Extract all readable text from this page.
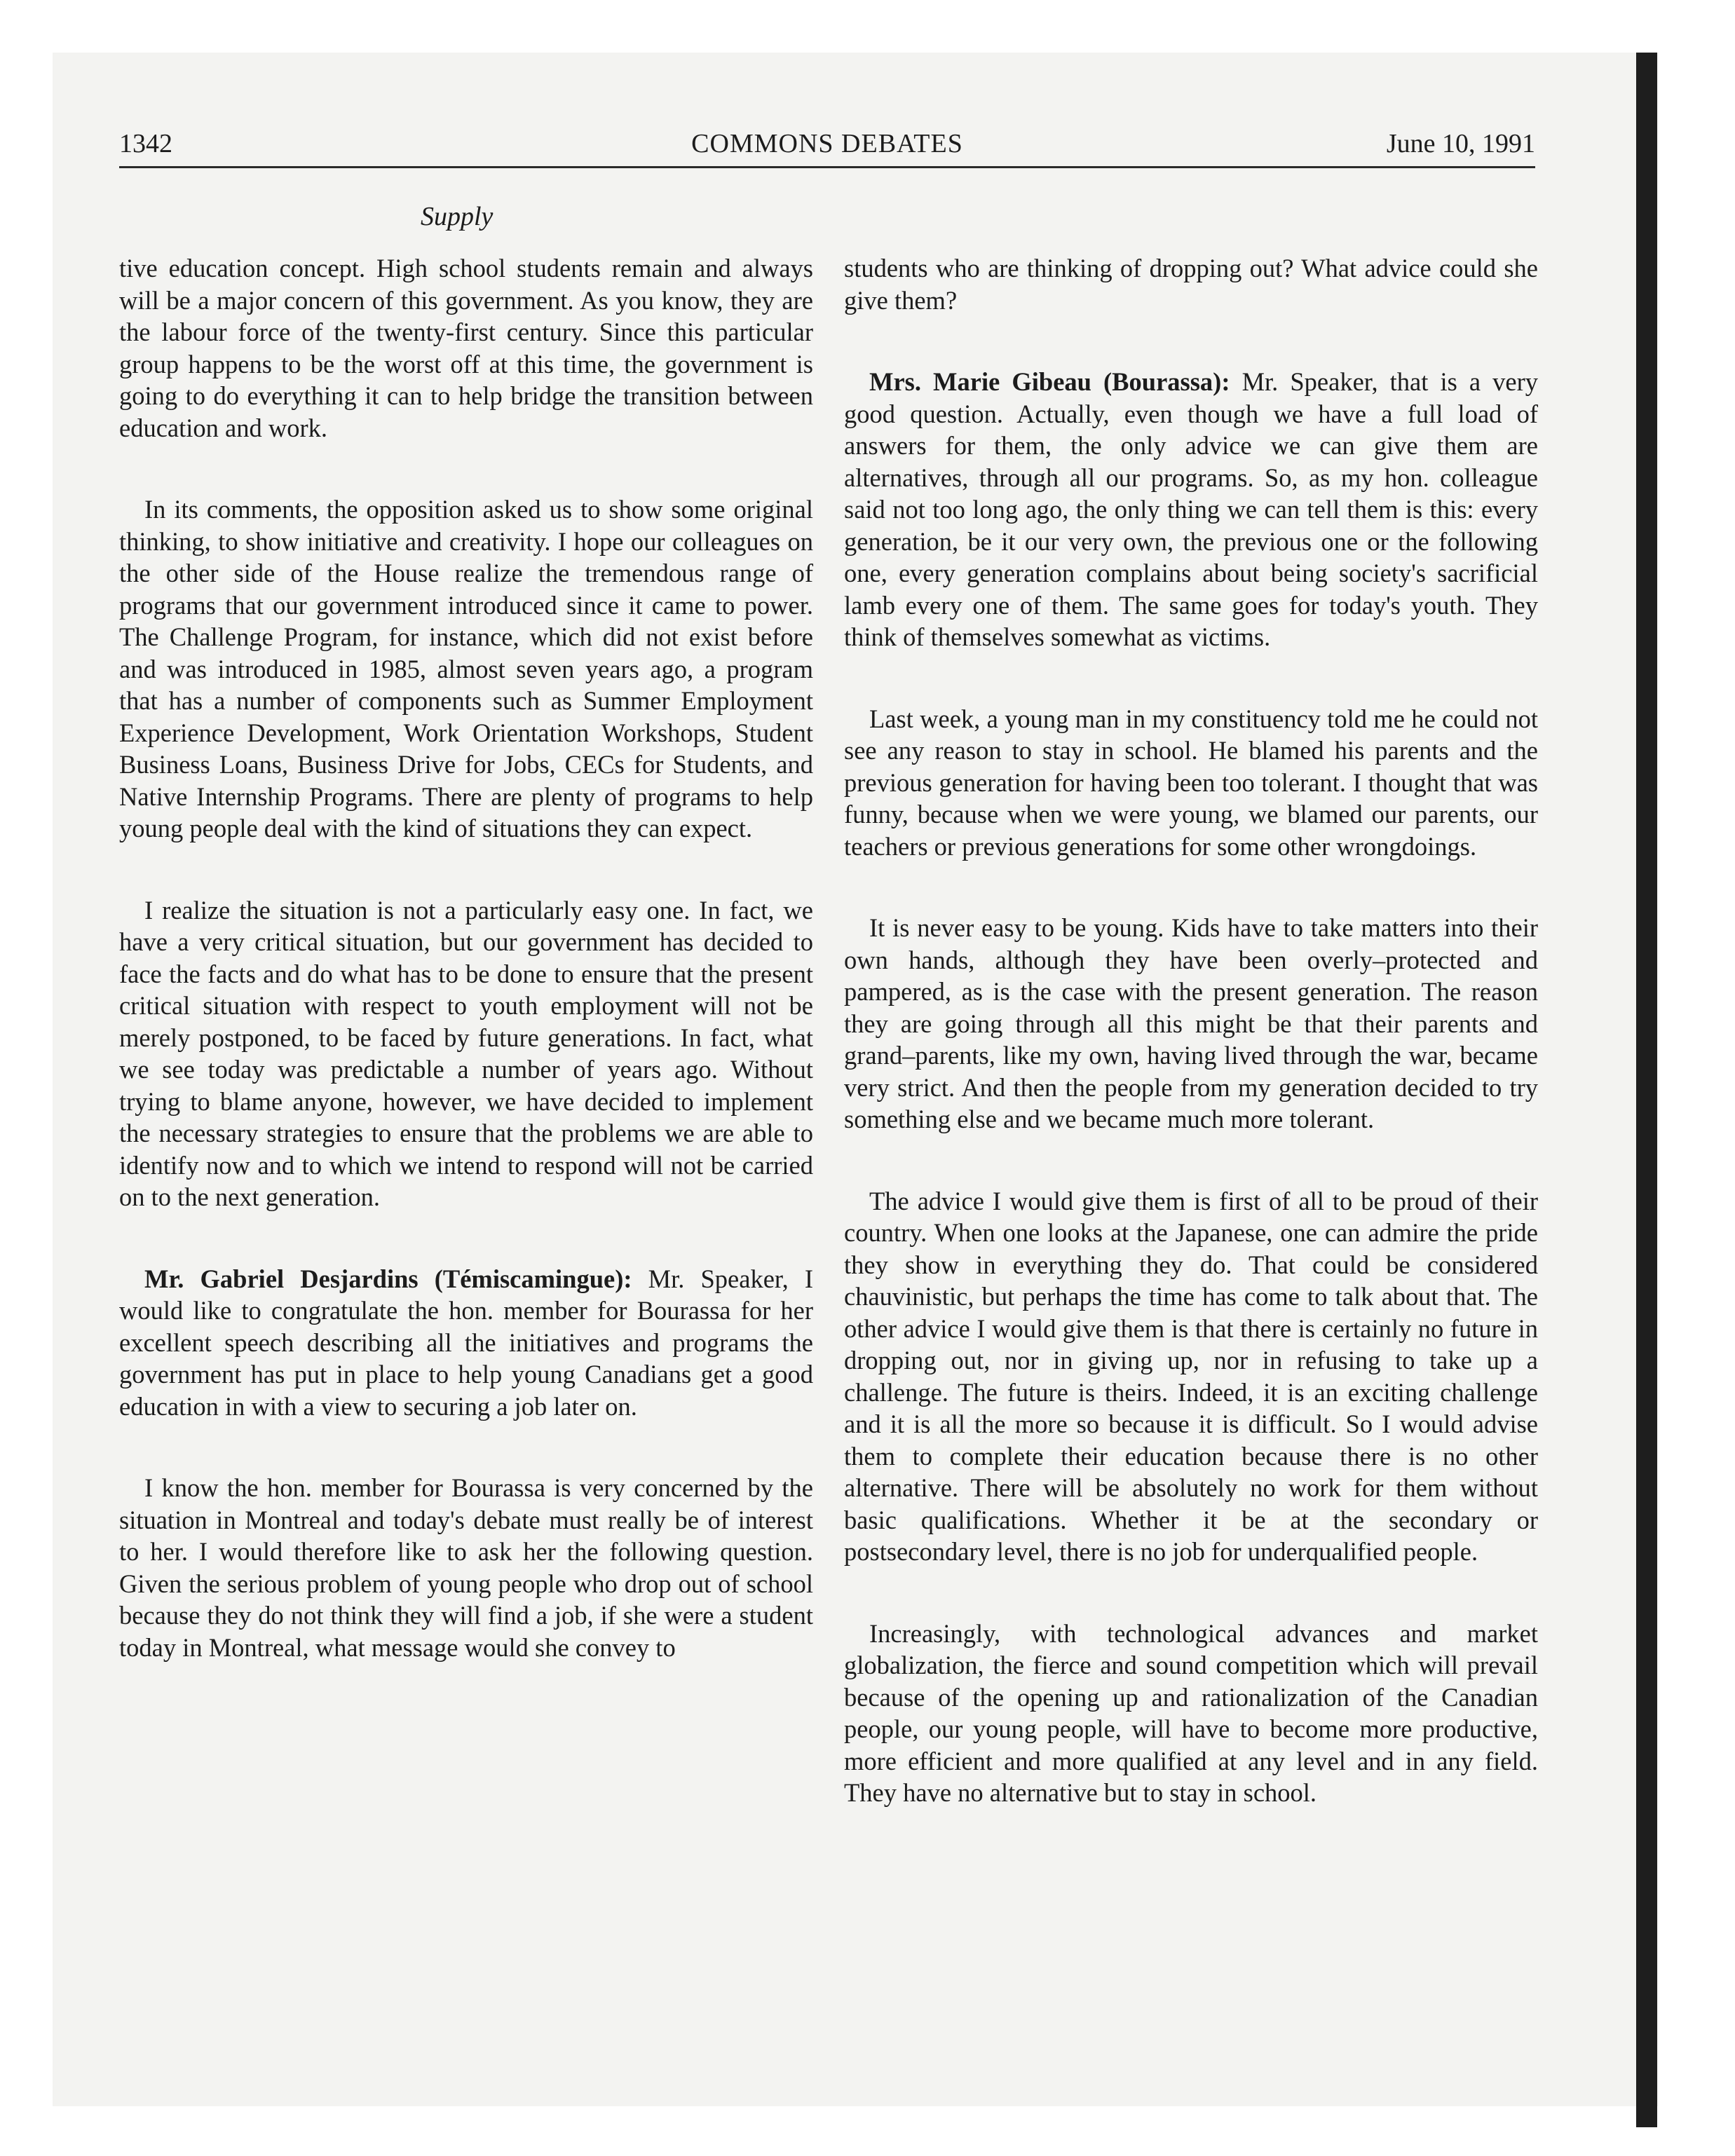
1342	COMMONS DEBATES	June 10, 1991
Supply

tive education concept. High school students remain and always will be a major concern of this government. As you know, they are the labour force of the twenty-first century. Since this particular group happens to be the worst off at this time, the government is going to do everything it can to help bridge the transition between education and work.

In its comments, the opposition asked us to show some original thinking, to show initiative and creativity. I hope our colleagues on the other side of the House realize the tremendous range of programs that our government introduced since it came to power. The Challenge Program, for instance, which did not exist before and was introduced in 1985, almost seven years ago, a program that has a number of components such as Summer Employment Experience Development, Work Orientation Workshops, Student Business Loans, Business Drive for Jobs, CECs for Students, and Native Internship Programs. There are plenty of programs to help young people deal with the kind of situations they can expect.

I realize the situation is not a particularly easy one. In fact, we have a very critical situation, but our government has decided to face the facts and do what has to be done to ensure that the present critical situation with respect to youth employment will not be merely postponed, to be faced by future generations. In fact, what we see today was predictable a number of years ago. Without trying to blame anyone, however, we have decided to implement the necessary strategies to ensure that the problems we are able to identify now and to which we intend to respond will not be carried on to the next generation.

Mr. Gabriel Desjardins (Témiscamingue): Mr. Speaker, I would like to congratulate the hon. member for Bourassa for her excellent speech describing all the initiatives and programs the government has put in place to help young Canadians get a good education in with a view to securing a job later on.

I know the hon. member for Bourassa is very concerned by the situation in Montreal and today's debate must really be of interest to her. I would therefore like to ask her the following question. Given the serious problem of young people who drop out of school because they do not think they will find a job, if she were a student today in Montreal, what message would she convey to

students who are thinking of dropping out? What advice could she give them?

Mrs. Marie Gibeau (Bourassa): Mr. Speaker, that is a very good question. Actually, even though we have a full load of answers for them, the only advice we can give them are alternatives, through all our programs. So, as my hon. colleague said not too long ago, the only thing we can tell them is this: every generation, be it our very own, the previous one or the following one, every generation complains about being society's sacrificial lamb every one of them. The same goes for today's youth. They think of themselves somewhat as victims.

Last week, a young man in my constituency told me he could not see any reason to stay in school. He blamed his parents and the previous generation for having been too tolerant. I thought that was funny, because when we were young, we blamed our parents, our teachers or previous generations for some other wrongdoings.

It is never easy to be young. Kids have to take matters into their own hands, although they have been overly–protected and pampered, as is the case with the present generation. The reason they are going through all this might be that their parents and grand–parents, like my own, having lived through the war, became very strict. And then the people from my generation decided to try something else and we became much more tolerant.

The advice I would give them is first of all to be proud of their country. When one looks at the Japanese, one can admire the pride they show in everything they do. That could be considered chauvinistic, but perhaps the time has come to talk about that. The other advice I would give them is that there is certainly no future in dropping out, nor in giving up, nor in refusing to take up a challenge. The future is theirs. Indeed, it is an exciting challenge and it is all the more so because it is difficult. So I would advise them to complete their education because there is no other alternative. There will be absolutely no work for them without basic qualifications. Whether it be at the secondary or postsecondary level, there is no job for underqualified people.

Increasingly, with technological advances and market globalization, the fierce and sound competition which will prevail because of the opening up and rationalization of the Canadian people, our young people, will have to become more productive, more efficient and more qualified at any level and in any field. They have no alternative but to stay in school.
